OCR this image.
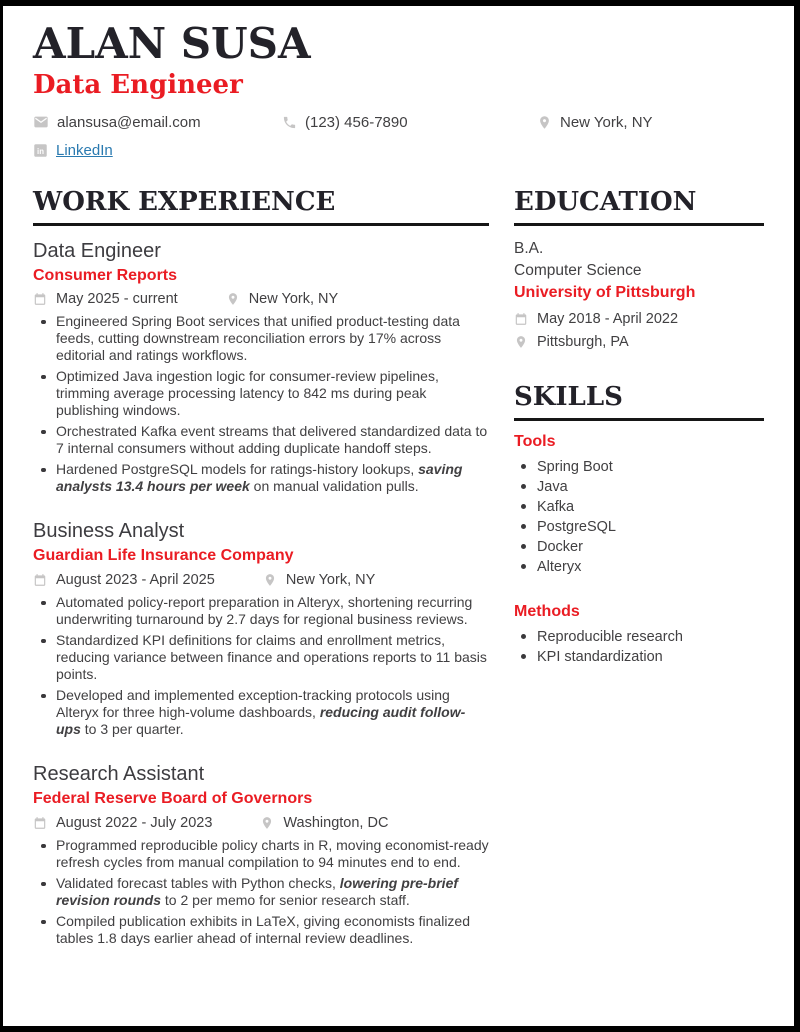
ALAN SUSA
Data Engineer
alansusa@email.com	(123) 456-7890	New York, NY
LinkedIn
WORK EXPERIENCE
Data Engineer
Consumer Reports
May 2025 - current	New York, NY
Engineered Spring Boot services that unified product-testing data feeds, cutting downstream reconciliation errors by 17% across editorial and ratings workflows.
Optimized Java ingestion logic for consumer-review pipelines, trimming average processing latency to 842 ms during peak publishing windows.
Orchestrated Kafka event streams that delivered standardized data to 7 internal consumers without adding duplicate handoff steps.
Hardened PostgreSQL models for ratings-history lookups, saving analysts 13.4 hours per week on manual validation pulls.
Business Analyst
Guardian Life Insurance Company
August 2023 - April 2025	New York, NY
Automated policy-report preparation in Alteryx, shortening recurring underwriting turnaround by 2.7 days for regional business reviews.
Standardized KPI definitions for claims and enrollment metrics, reducing variance between finance and operations reports to 11 basis points.
Developed and implemented exception-tracking protocols using Alteryx for three high-volume dashboards, reducing audit follow-ups to 3 per quarter.
Research Assistant
Federal Reserve Board of Governors
August 2022 - July 2023	Washington, DC
Programmed reproducible policy charts in R, moving economist-ready refresh cycles from manual compilation to 94 minutes end to end.
Validated forecast tables with Python checks, lowering pre-brief revision rounds to 2 per memo for senior research staff.
Compiled publication exhibits in LaTeX, giving economists finalized tables 1.8 days earlier ahead of internal review deadlines.
EDUCATION
B.A.
Computer Science
University of Pittsburgh
May 2018 - April 2022
Pittsburgh, PA
SKILLS
Tools
Spring Boot
Java
Kafka
PostgreSQL
Docker
Alteryx
Methods
Reproducible research
KPI standardization
